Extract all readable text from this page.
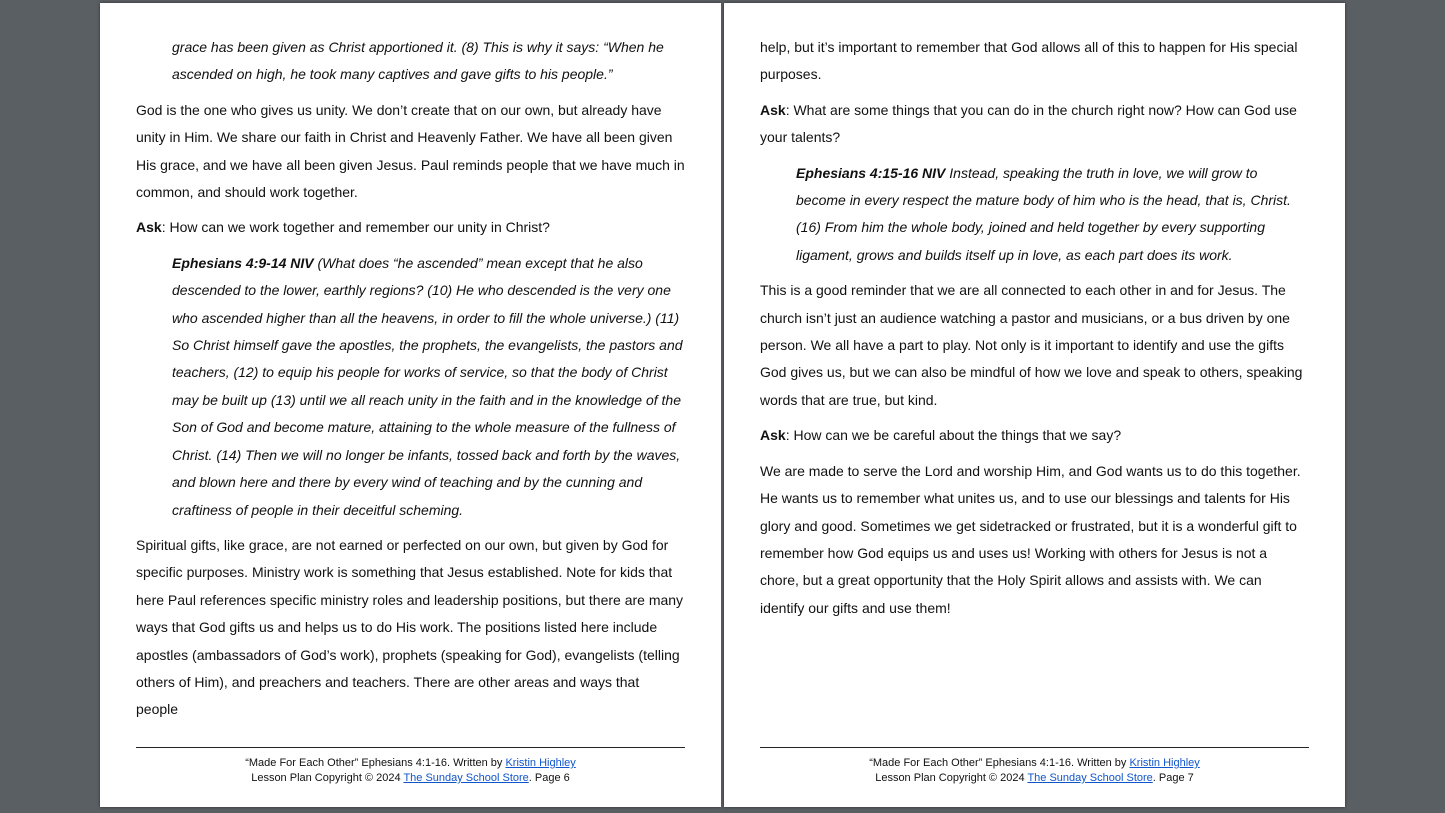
grace has been given as Christ apportioned it. (8) This is why it says: “When he ascended on high, he took many captives and gave gifts to his people.”

God is the one who gives us unity. We don’t create that on our own, but already have unity in Him. We share our faith in Christ and Heavenly Father. We have all been given His grace, and we have all been given Jesus. Paul reminds people that we have much in common, and should work together.

Ask: How can we work together and remember our unity in Christ?

Ephesians 4:9-14 NIV (What does “he ascended” mean except that he also descended to the lower, earthly regions? (10) He who descended is the very one who ascended higher than all the heavens, in order to fill the whole universe.) (11) So Christ himself gave the apostles, the prophets, the evangelists, the pastors and teachers, (12) to equip his people for works of service, so that the body of Christ may be built up (13) until we all reach unity in the faith and in the knowledge of the Son of God and become mature, attaining to the whole measure of the fullness of Christ. (14) Then we will no longer be infants, tossed back and forth by the waves, and blown here and there by every wind of teaching and by the cunning and craftiness of people in their deceitful scheming.

Spiritual gifts, like grace, are not earned or perfected on our own, but given by God for specific purposes. Ministry work is something that Jesus established. Note for kids that here Paul references specific ministry roles and leadership positions, but there are many ways that God gifts us and helps us to do His work. The positions listed here include apostles (ambassadors of God’s work), prophets (speaking for God), evangelists (telling others of Him), and preachers and teachers. There are other areas and ways that people

“Made For Each Other” Ephesians 4:1-16. Written by Kristin Highley
Lesson Plan Copyright © 2024 The Sunday School Store. Page 6

help, but it’s important to remember that God allows all of this to happen for His special purposes.

Ask: What are some things that you can do in the church right now? How can God use your talents?

Ephesians 4:15-16 NIV Instead, speaking the truth in love, we will grow to become in every respect the mature body of him who is the head, that is, Christ. (16) From him the whole body, joined and held together by every supporting ligament, grows and builds itself up in love, as each part does its work.

This is a good reminder that we are all connected to each other in and for Jesus. The church isn’t just an audience watching a pastor and musicians, or a bus driven by one person. We all have a part to play. Not only is it important to identify and use the gifts God gives us, but we can also be mindful of how we love and speak to others, speaking words that are true, but kind.

Ask: How can we be careful about the things that we say?

We are made to serve the Lord and worship Him, and God wants us to do this together. He wants us to remember what unites us, and to use our blessings and talents for His glory and good. Sometimes we get sidetracked or frustrated, but it is a wonderful gift to remember how God equips us and uses us! Working with others for Jesus is not a chore, but a great opportunity that the Holy Spirit allows and assists with. We can identify our gifts and use them!

“Made For Each Other” Ephesians 4:1-16. Written by Kristin Highley
Lesson Plan Copyright © 2024 The Sunday School Store. Page 7
